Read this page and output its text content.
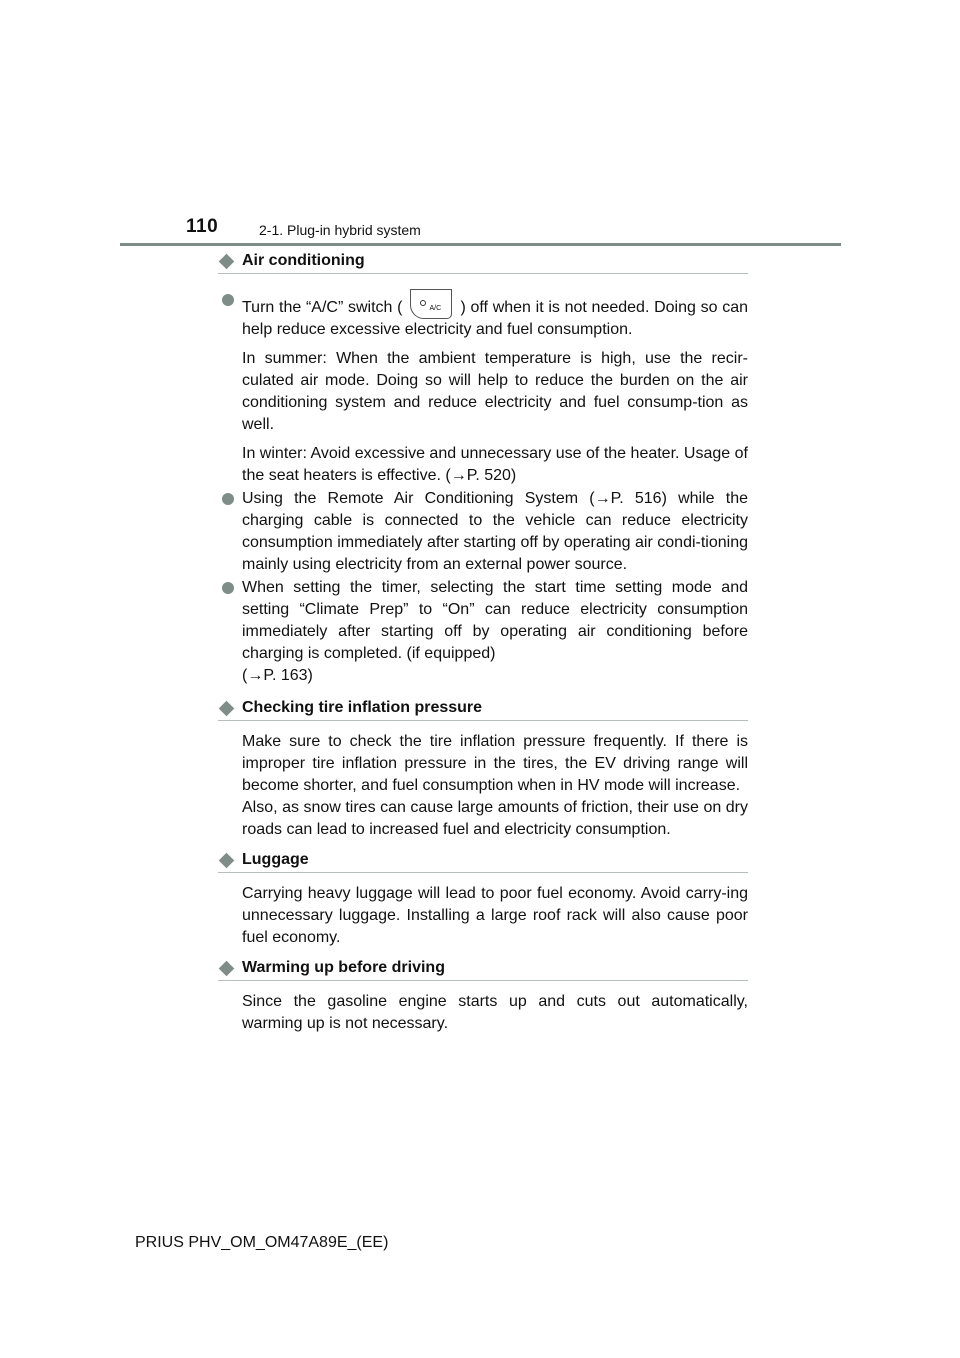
110	2-1. Plug-in hybrid system
Air conditioning
Turn the “A/C” switch (	A/C ) off when it is not needed. Doing so can help reduce excessive electricity and fuel consumption.

In summer: When the ambient temperature is high, use the recir-culated air mode. Doing so will help to reduce the burden on the air conditioning system and reduce electricity and fuel consump-tion as well.

In winter: Avoid excessive and unnecessary use of the heater. Usage of the seat heaters is effective. (→P. 520)

Using the Remote Air Conditioning System (→P. 516) while the charging cable is connected to the vehicle can reduce electricity consumption immediately after starting off by operating air condi-tioning mainly using electricity from an external power source.
When setting the timer, selecting the start time setting mode and setting “Climate Prep” to “On” can reduce electricity consumption immediately after starting off by operating air conditioning before charging is completed. (if equipped)
(→P. 163)
Checking tire inflation pressure

Make sure to check the tire inflation pressure frequently. If there is improper tire inflation pressure in the tires, the EV driving range will become shorter, and fuel consumption when in HV mode will increase.

Also, as snow tires can cause large amounts of friction, their use on dry roads can lead to increased fuel and electricity consumption.

Luggage

Carrying heavy luggage will lead to poor fuel economy. Avoid carry-ing unnecessary luggage. Installing a large roof rack will also cause poor fuel economy.

Warming up before driving

Since the gasoline engine starts up and cuts out automatically, warming up is not necessary.

PRIUS PHV_OM_OM47A89E_(EE)
